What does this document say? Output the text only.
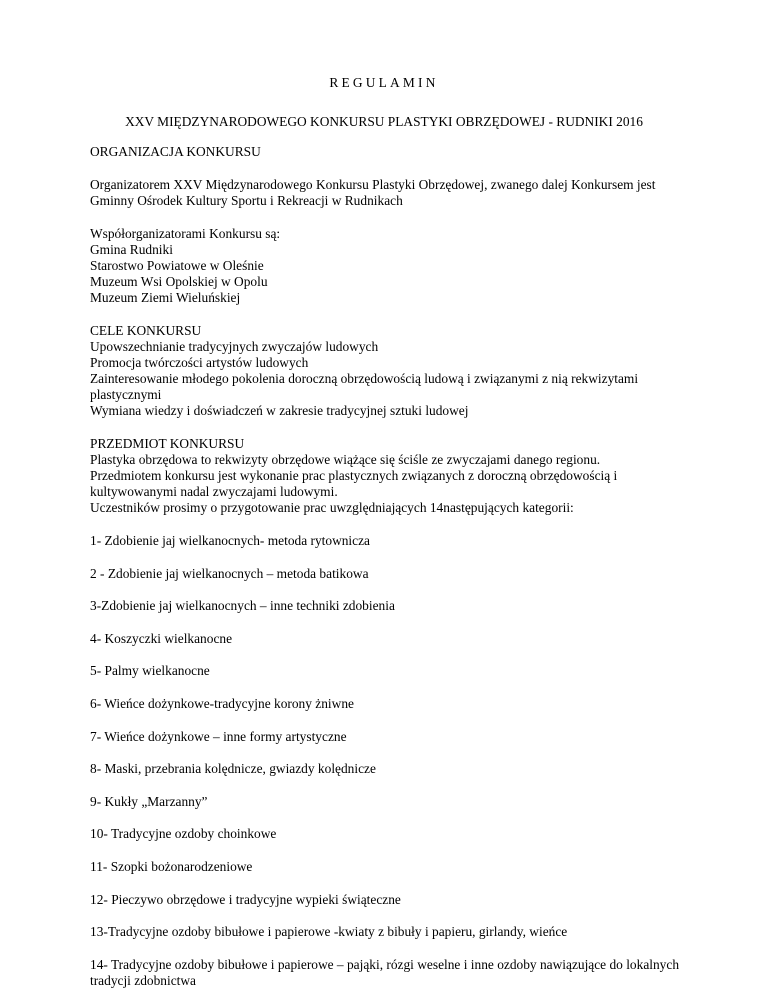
REGULAMIN
XXV MIĘDZYNARODOWEGO KONKURSU PLASTYKI OBRZĘDOWEJ - RUDNIKI 2016
ORGANIZACJA KONKURSU
Organizatorem XXV Międzynarodowego Konkursu Plastyki Obrzędowej, zwanego dalej Konkursem jest
Gminny Ośrodek Kultury Sportu i Rekreacji w Rudnikach
Współorganizatorami Konkursu są:
Gmina Rudniki
Starostwo Powiatowe w Oleśnie
Muzeum Wsi Opolskiej w Opolu
Muzeum Ziemi Wieluńskiej
CELE KONKURSU
Upowszechnianie tradycyjnych zwyczajów ludowych
Promocja twórczości artystów ludowych
Zainteresowanie młodego pokolenia doroczną obrzędowością ludową i związanymi z nią rekwizytami
plastycznymi
Wymiana wiedzy i doświadczeń w zakresie tradycyjnej sztuki ludowej
PRZEDMIOT KONKURSU
Plastyka obrzędowa to rekwizyty obrzędowe wiążące się ściśle ze zwyczajami danego regionu.
Przedmiotem konkursu jest wykonanie prac plastycznych związanych z doroczną obrzędowością i
kultywowanymi nadal zwyczajami ludowymi.
Uczestników prosimy o przygotowanie prac uwzględniających 14następujących kategorii:
1- Zdobienie jaj wielkanocnych- metoda rytownicza
2 - Zdobienie jaj wielkanocnych – metoda batikowa
3-Zdobienie jaj wielkanocnych – inne techniki zdobienia
4- Koszyczki wielkanocne
5- Palmy wielkanocne
6- Wieńce dożynkowe-tradycyjne korony żniwne
7- Wieńce dożynkowe – inne formy artystyczne
8- Maski, przebrania kolędnicze, gwiazdy kolędnicze
9- Kukły „Marzanny”
10- Tradycyjne ozdoby choinkowe
11- Szopki bożonarodzeniowe
12- Pieczywo obrzędowe i tradycyjne wypieki świąteczne
13-Tradycyjne ozdoby bibułowe i papierowe -kwiaty z bibuły i papieru, girlandy, wieńce
14- Tradycyjne ozdoby bibułowe i papierowe – pająki, rózgi weselne i inne ozdoby nawiązujące do lokalnych
tradycji zdobnictwa
